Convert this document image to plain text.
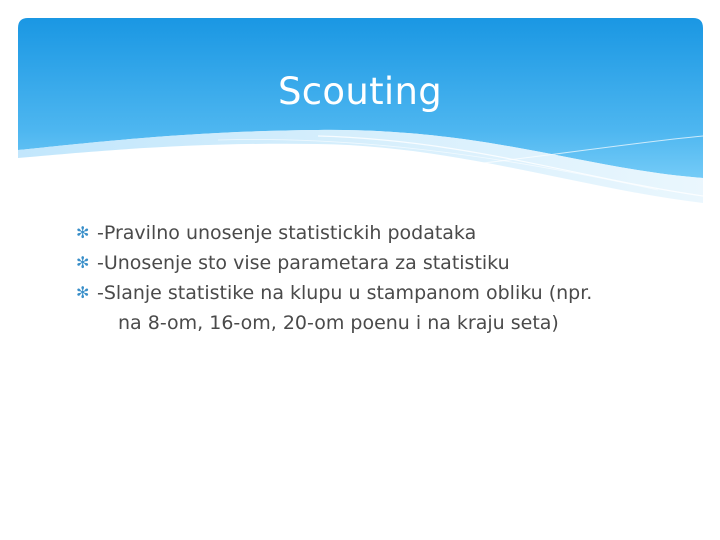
Scouting
✻ -Pravilno unosenje statistickih podataka
✻ -Unosenje sto vise parametara za statistiku
✻ -Slanje statistike na klupu u stampanom obliku (npr.
na 8-om, 16-om, 20-om poenu i na kraju seta)
